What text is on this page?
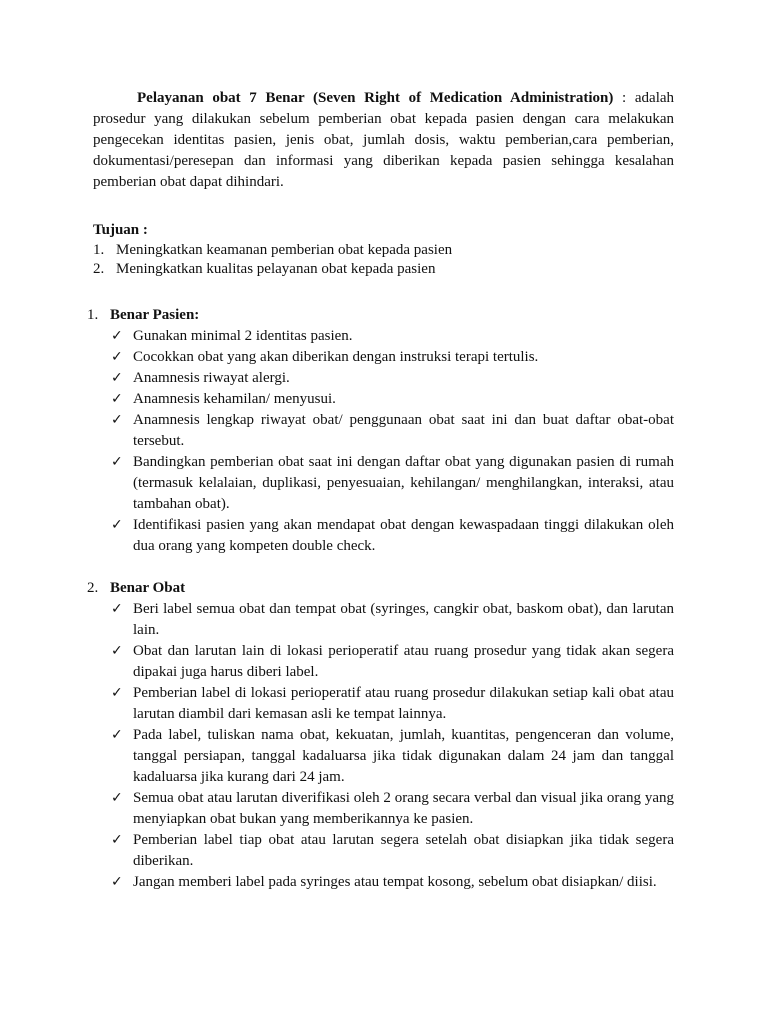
Pelayanan obat 7 Benar (Seven Right of Medication Administration) : adalah prosedur yang dilakukan sebelum pemberian obat kepada pasien dengan cara melakukan pengecekan identitas pasien, jenis obat, jumlah dosis, waktu pemberian,cara pemberian, dokumentasi/peresepan dan informasi yang diberikan kepada pasien sehingga kesalahan pemberian obat dapat dihindari.

Tujuan :

1. Meningkatkan keamanan pemberian obat kepada pasien
2. Meningkatkan kualitas pelayanan obat kepada pasien
1. Benar Pasien:
✓ Gunakan minimal 2 identitas pasien.
✓ Cocokkan obat yang akan diberikan dengan instruksi terapi tertulis.
✓ Anamnesis riwayat alergi.
✓ Anamnesis kehamilan/ menyusui.
✓ Anamnesis lengkap riwayat obat/ penggunaan obat saat ini dan buat daftar obat-obat tersebut.
✓ Bandingkan pemberian obat saat ini dengan daftar obat yang digunakan pasien di rumah (termasuk kelalaian, duplikasi, penyesuaian, kehilangan/ menghilangkan, interaksi, atau tambahan obat).
✓ Identifikasi pasien yang akan mendapat obat dengan kewaspadaan tinggi dilakukan oleh dua orang yang kompeten double check.
2. Benar Obat
✓ Beri label semua obat dan tempat obat (syringes, cangkir obat, baskom obat), dan larutan lain.
✓ Obat dan larutan lain di lokasi perioperatif atau ruang prosedur yang tidak akan segera dipakai juga harus diberi label.
✓ Pemberian label di lokasi perioperatif atau ruang prosedur dilakukan setiap kali obat atau larutan diambil dari kemasan asli ke tempat lainnya.
✓ Pada label, tuliskan nama obat, kekuatan, jumlah, kuantitas, pengenceran dan volume, tanggal persiapan, tanggal kadaluarsa jika tidak digunakan dalam 24 jam dan tanggal kadaluarsa jika kurang dari 24 jam.
✓ Semua obat atau larutan diverifikasi oleh 2 orang secara verbal dan visual jika orang yang menyiapkan obat bukan yang memberikannya ke pasien.
✓ Pemberian label tiap obat atau larutan segera setelah obat disiapkan jika tidak segera diberikan.
✓ Jangan memberi label pada syringes atau tempat kosong, sebelum obat disiapkan/ diisi.
